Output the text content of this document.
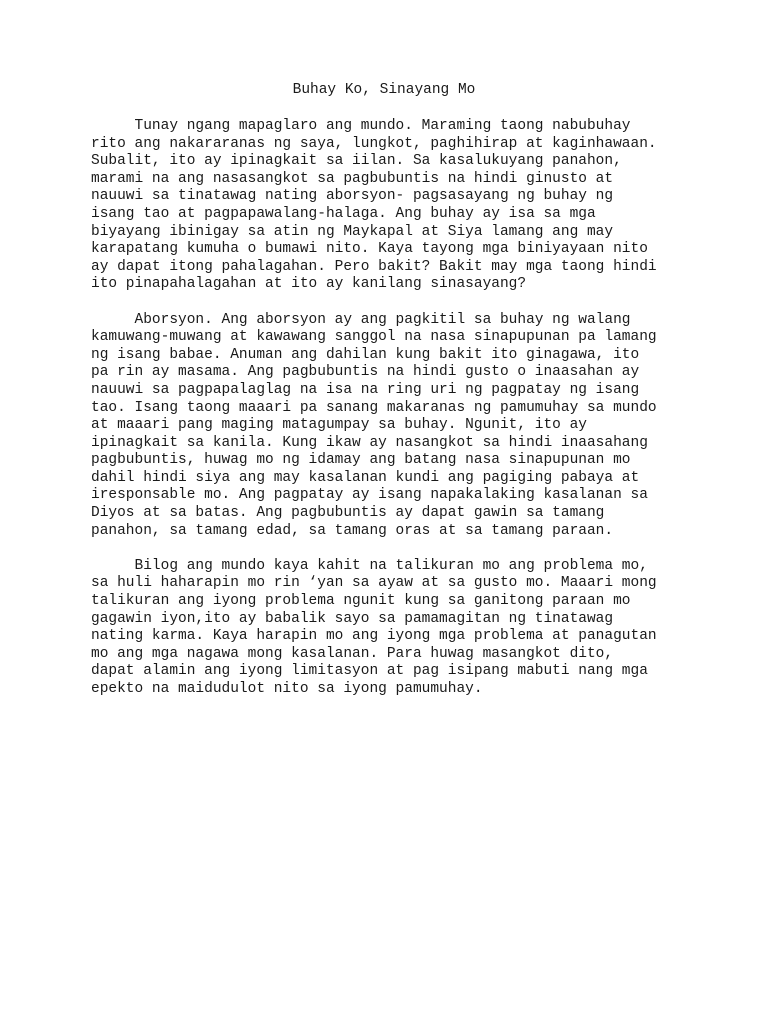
Buhay Ko, Sinayang Mo

Tunay ngang mapaglaro ang mundo. Maraming taong nabubuhay
rito ang nakararanas ng saya, lungkot, paghihirap at kaginhawaan.
Subalit, ito ay ipinagkait sa iilan. Sa kasalukuyang panahon,
marami na ang nasasangkot sa pagbubuntis na hindi ginusto at
nauuwi sa tinatawag nating aborsyon- pagsasayang ng buhay ng
isang tao at pagpapawalang-halaga. Ang buhay ay isa sa mga
biyayang ibinigay sa atin ng Maykapal at Siya lamang ang may
karapatang kumuha o bumawi nito. Kaya tayong mga biniyayaan nito
ay dapat itong pahalagahan. Pero bakit? Bakit may mga taong hindi
ito pinapahalagahan at ito ay kanilang sinasayang?

Aborsyon. Ang aborsyon ay ang pagkitil sa buhay ng walang
kamuwang-muwang at kawawang sanggol na nasa sinapupunan pa lamang
ng isang babae. Anuman ang dahilan kung bakit ito ginagawa, ito
pa rin ay masama. Ang pagbubuntis na hindi gusto o inaasahan ay
nauuwi sa pagpapalaglag na isa na ring uri ng pagpatay ng isang
tao. Isang taong maaari pa sanang makaranas ng pamumuhay sa mundo
at maaari pang maging matagumpay sa buhay. Ngunit, ito ay
ipinagkait sa kanila. Kung ikaw ay nasangkot sa hindi inaasahang
pagbubuntis, huwag mo ng idamay ang batang nasa sinapupunan mo
dahil hindi siya ang may kasalanan kundi ang pagiging pabaya at
iresponsable mo. Ang pagpatay ay isang napakalaking kasalanan sa
Diyos at sa batas. Ang pagbubuntis ay dapat gawin sa tamang
panahon, sa tamang edad, sa tamang oras at sa tamang paraan.

Bilog ang mundo kaya kahit na talikuran mo ang problema mo,
sa huli haharapin mo rin ‘yan sa ayaw at sa gusto mo. Maaari mong
talikuran ang iyong problema ngunit kung sa ganitong paraan mo
gagawin iyon,ito ay babalik sayo sa pamamagitan ng tinatawag
nating karma. Kaya harapin mo ang iyong mga problema at panagutan
mo ang mga nagawa mong kasalanan. Para huwag masangkot dito,
dapat alamin ang iyong limitasyon at pag isipang mabuti nang mga
epekto na maidudulot nito sa iyong pamumuhay.
